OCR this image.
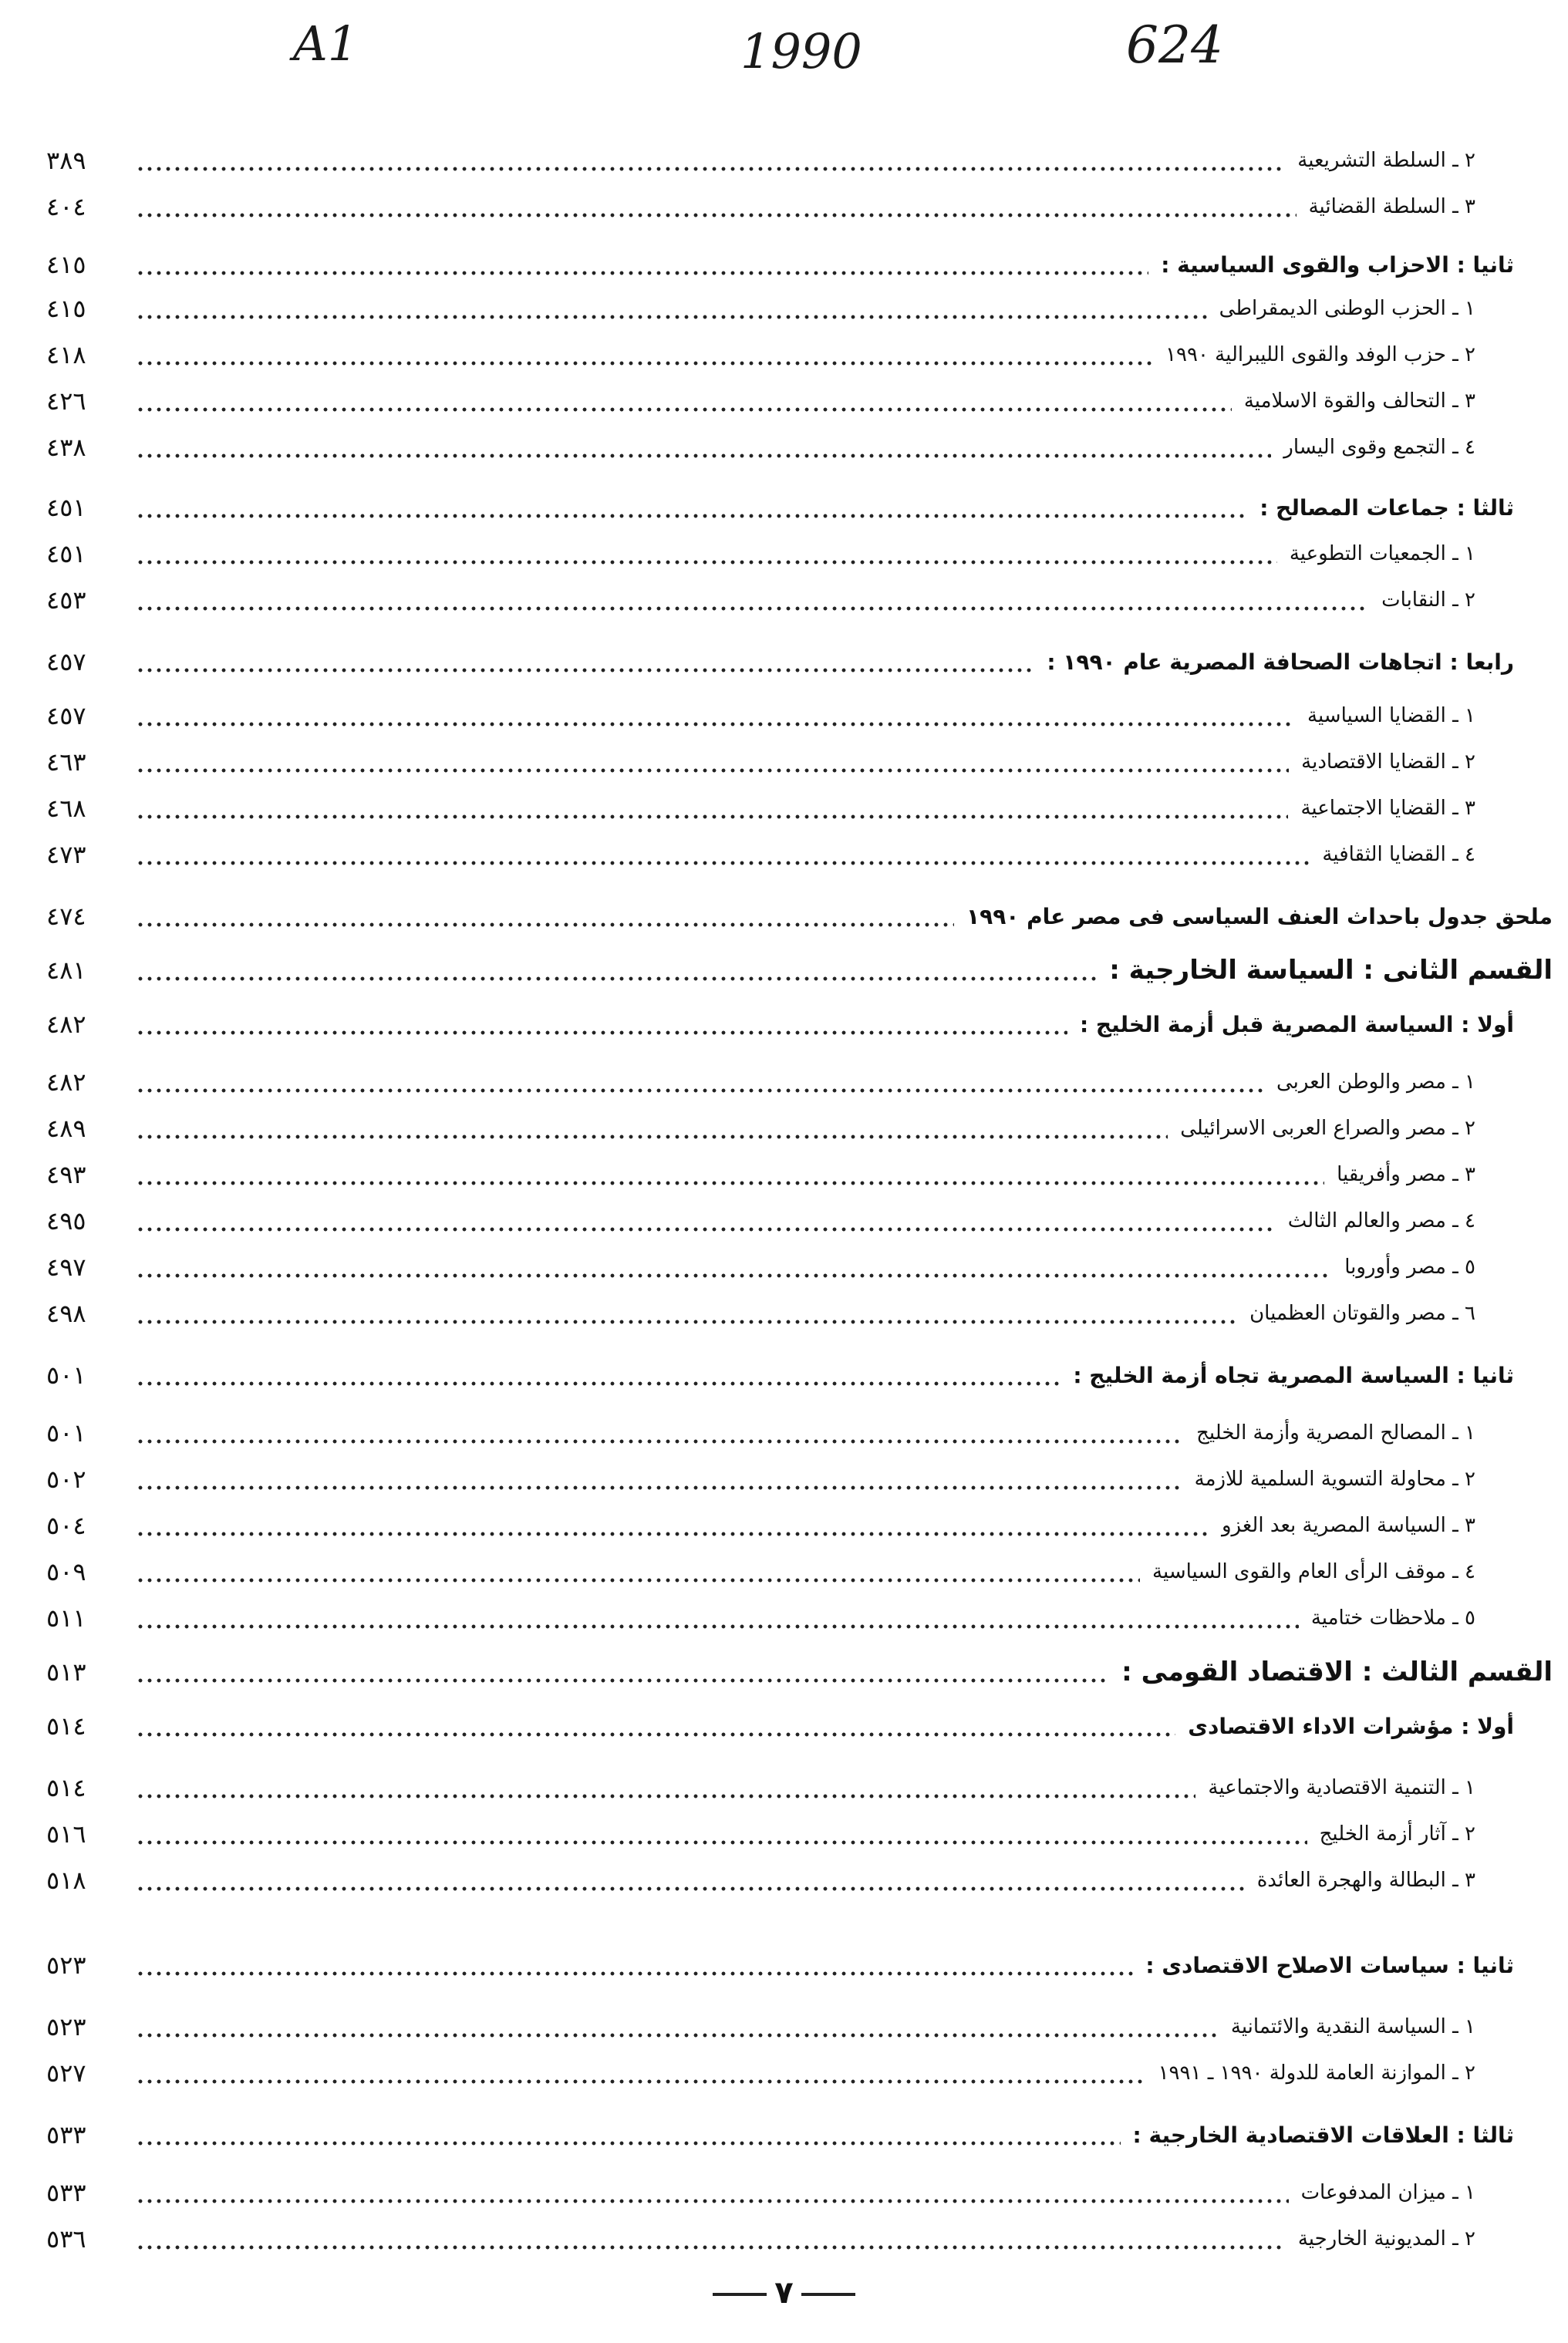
A1	1990	624
٢ ـ السلطة التشريعية
٣٨٩
٣ ـ السلطة القضائية
٤٠٤
ثانيا : الاحزاب والقوى السياسية :
٤١٥
١ ـ الحزب الوطنى الديمقراطى
٤١٥
٢ ـ حزب الوفد والقوى الليبرالية ١٩٩٠
٤١٨
٣ ـ التحالف والقوة الاسلامية
٤٢٦
٤ ـ التجمع وقوى اليسار
٤٣٨
ثالثا : جماعات المصالح :
٤٥١
١ ـ الجمعيات التطوعية
٤٥١
٢ ـ النقابات
٤٥٣
رابعا : اتجاهات الصحافة المصرية عام ١٩٩٠ :
٤٥٧
١ ـ القضايا السياسية
٤٥٧
٢ ـ القضايا الاقتصادية
٤٦٣
٣ ـ القضايا الاجتماعية
٤٦٨
٤ ـ القضايا الثقافية
٤٧٣
ملحق جدول باحداث العنف السياسى فى مصر عام ١٩٩٠
٤٧٤
القسم الثانى : السياسة الخارجية :
٤٨١
أولا : السياسة المصرية قبل أزمة الخليج :
٤٨٢
١ ـ مصر والوطن العربى
٤٨٢
٢ ـ مصر والصراع العربى الاسرائيلى
٤٨٩
٣ ـ مصر وأفريقيا
٤٩٣
٤ ـ مصر والعالم الثالث
٤٩٥
٥ ـ مصر وأوروبا
٤٩٧
٦ ـ مصر والقوتان العظميان
٤٩٨
ثانيا : السياسة المصرية تجاه أزمة الخليج :
٥٠١
١ ـ المصالح المصرية وأزمة الخليج
٥٠١
٢ ـ محاولة التسوية السلمية للازمة
٥٠٢
٣ ـ السياسة المصرية بعد الغزو
٥٠٤
٤ ـ موقف الرأى العام والقوى السياسية
٥٠٩
٥ ـ ملاحظات ختامية
٥١١
القسم الثالث : الاقتصاد القومى :
٥١٣
أولا : مؤشرات الاداء الاقتصادى
٥١٤
١ ـ التنمية الاقتصادية والاجتماعية
٥١٤
٢ ـ آثار أزمة الخليج
٥١٦
٣ ـ البطالة والهجرة العائدة
٥١٨
ثانيا : سياسات الاصلاح الاقتصادى :
٥٢٣
١ ـ السياسة النقدية والائتمانية
٥٢٣
٢ ـ الموازنة العامة للدولة ١٩٩٠ ـ ١٩٩١
٥٢٧
ثالثا : العلاقات الاقتصادية الخارجية :
٥٣٣
١ ـ ميزان المدفوعات
٥٣٣
٢ ـ المديونية الخارجية
٥٣٦
٧
